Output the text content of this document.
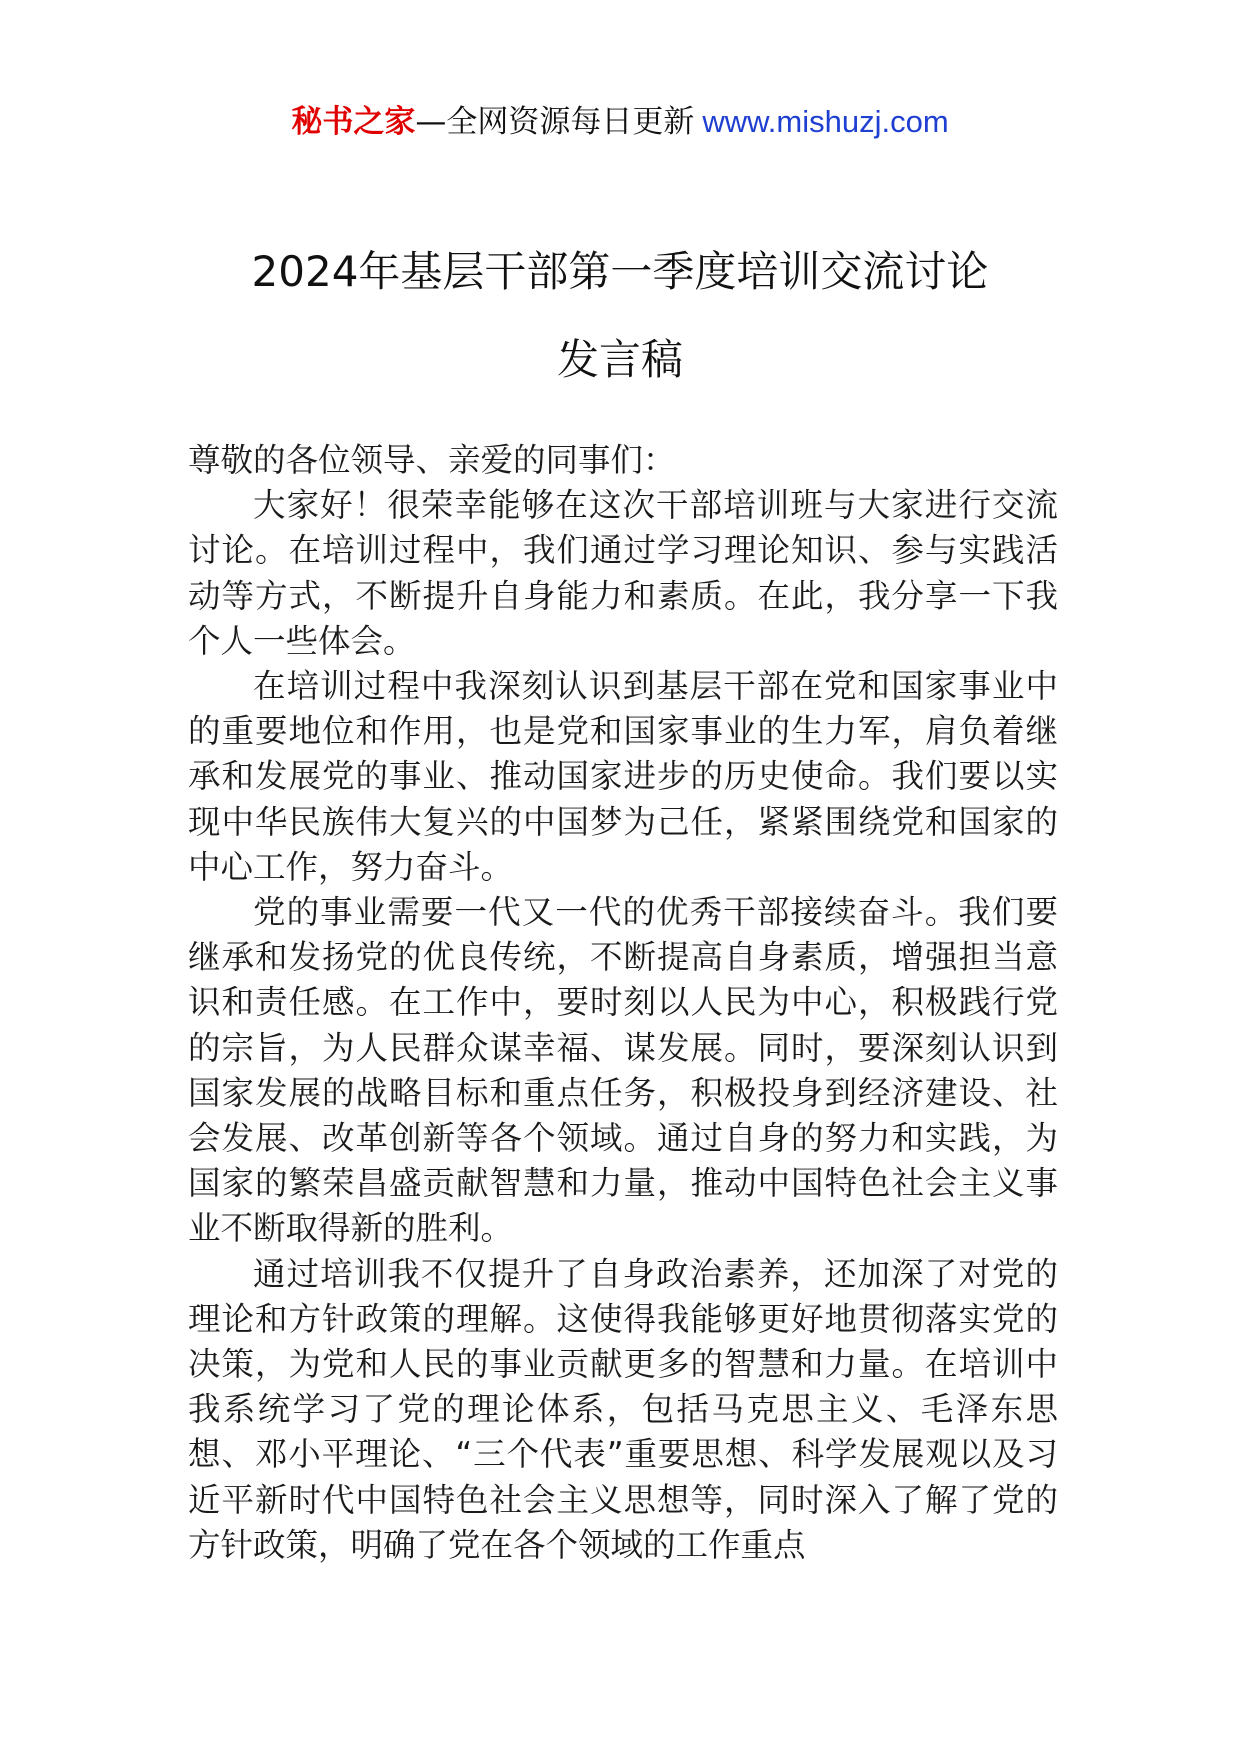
秘书之家—全网资源每日更新 www.mishuzj.com
2024年基层干部第一季度培训交流讨论
发言稿

尊敬的各位领导、亲爱的同事们：

大家好！很荣幸能够在这次干部培训班与大家进行交流讨论。在培训过程中，我们通过学习理论知识、参与实践活动等方式，不断提升自身能力和素质。在此，我分享一下我个人一些体会。

在培训过程中我深刻认识到基层干部在党和国家事业中的重要地位和作用，也是党和国家事业的生力军，肩负着继承和发展党的事业、推动国家进步的历史使命。我们要以实现中华民族伟大复兴的中国梦为己任，紧紧围绕党和国家的中心工作，努力奋斗。

党的事业需要一代又一代的优秀干部接续奋斗。我们要继承和发扬党的优良传统，不断提高自身素质，增强担当意识和责任感。在工作中，要时刻以人民为中心，积极践行党的宗旨，为人民群众谋幸福、谋发展。同时，要深刻认识到国家发展的战略目标和重点任务，积极投身到经济建设、社会发展、改革创新等各个领域。通过自身的努力和实践，为国家的繁荣昌盛贡献智慧和力量，推动中国特色社会主义事业不断取得新的胜利。

通过培训我不仅提升了自身政治素养，还加深了对党的理论和方针政策的理解。这使得我能够更好地贯彻落实党的决策，为党和人民的事业贡献更多的智慧和力量。在培训中我系统学习了党的理论体系，包括马克思主义、毛泽东思想、邓小平理论、“三个代表”重要思想、科学发展观以及习近平新时代中国特色社会主义思想等，同时深入了解了党的方针政策，明确了党在各个领域的工作重点
